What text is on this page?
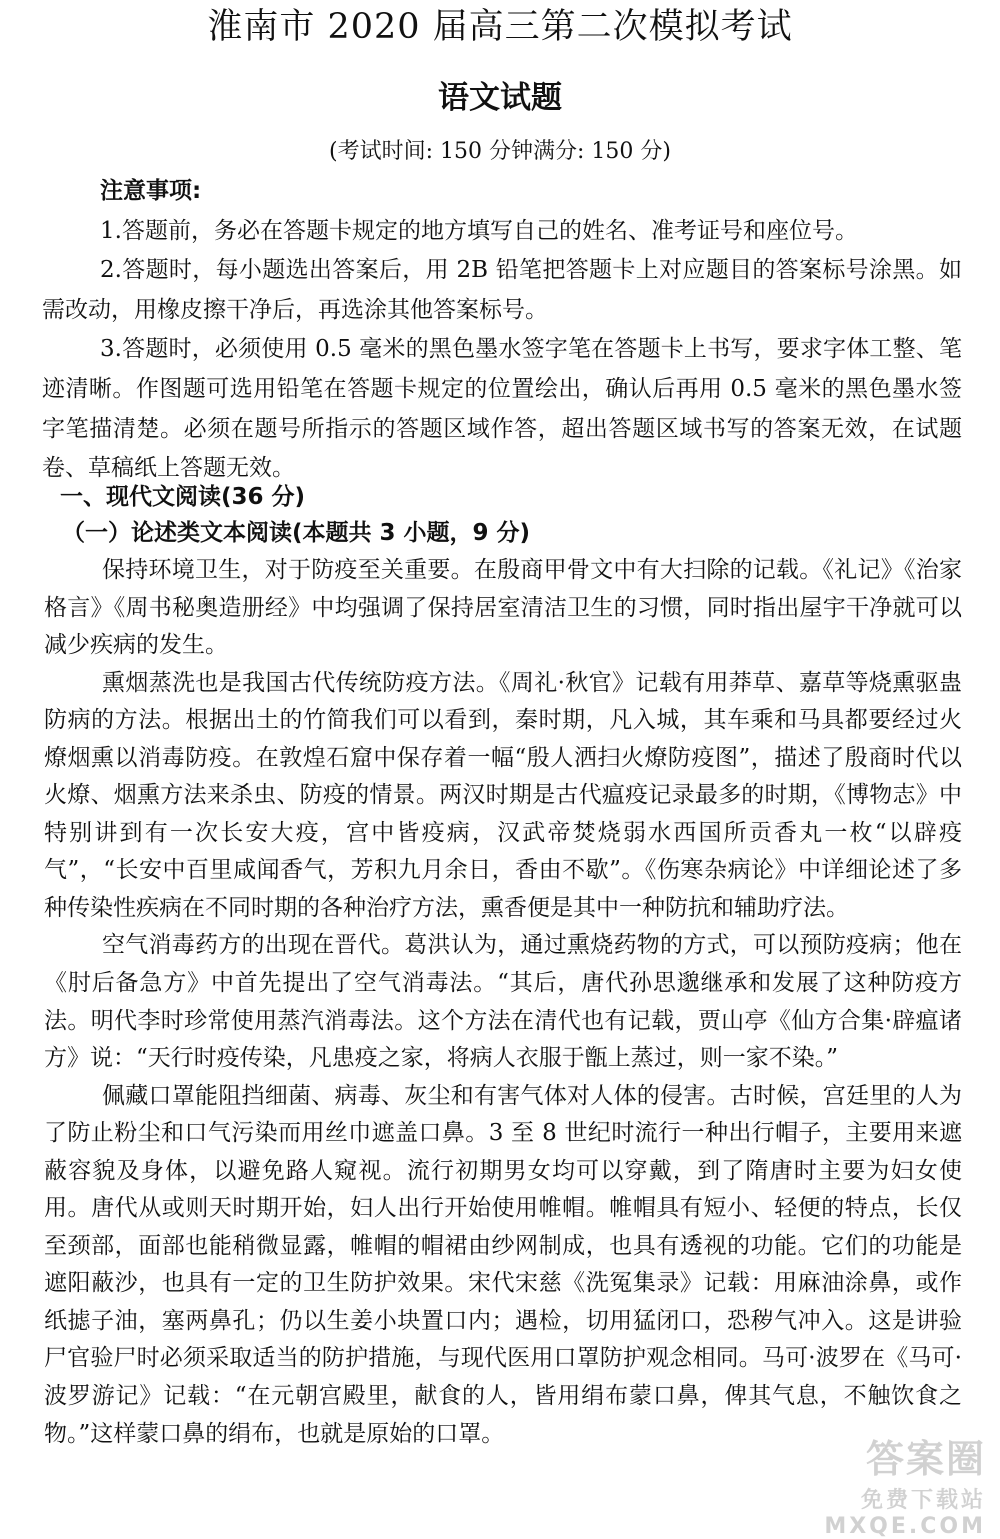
淮南市 2020 届高三第二次模拟考试
语文试题
(考试时间: 150 分钟满分: 150 分)
注意事项:

1.答题前，务必在答题卡规定的地方填写自己的姓名、准考证号和座位号。

2.答题时，每小题选出答案后，用 2B 铅笔把答题卡上对应题目的答案标号涂黑。如需改动，用橡皮擦干净后，再选涂其他答案标号。

3.答题时，必须使用 0.5 毫米的黑色墨水签字笔在答题卡上书写，要求字体工整、笔迹清晰。作图题可选用铅笔在答题卡规定的位置绘出，确认后再用 0.5 毫米的黑色墨水签字笔描清楚。必须在题号所指示的答题区域作答，超出答题区域书写的答案无效，在试题卷、草稿纸上答题无效。

一、现代文阅读(36 分)
（一）论述类文本阅读(本题共 3 小题，9 分)

保持环境卫生，对于防疫至关重要。在殷商甲骨文中有大扫除的记载。《礼记》《治家格言》《周书秘奥造册经》中均强调了保持居室清洁卫生的习惯，同时指出屋宇干净就可以减少疾病的发生。

熏烟蒸洗也是我国古代传统防疫方法。《周礼·秋官》记载有用莽草、嘉草等烧熏驱蛊防病的方法。根据出土的竹简我们可以看到，秦时期，凡入城，其车乘和马具都要经过火燎烟熏以消毒防疫。在敦煌石窟中保存着一幅“殷人洒扫火燎防疫图”，描述了殷商时代以火燎、烟熏方法来杀虫、防疫的情景。两汉时期是古代瘟疫记录最多的时期，《博物志》中特别讲到有一次长安大疫，宫中皆疫病，汉武帝焚烧弱水西国所贡香丸一枚“以辟疫气”，“长安中百里咸闻香气，芳积九月余日，香由不歇”。《伤寒杂病论》中详细论述了多种传染性疾病在不同时期的各种治疗方法，熏香便是其中一种防抗和辅助疗法。

空气消毒药方的出现在晋代。葛洪认为，通过熏烧药物的方式，可以预防疫病；他在《肘后备急方》中首先提出了空气消毒法。“其后，唐代孙思邈继承和发展了这种防疫方法。明代李时珍常使用蒸汽消毒法。这个方法在清代也有记载，贾山亭《仙方合集·辟瘟诸方》说：“天行时疫传染，凡患疫之家，将病人衣服于甑上蒸过，则一家不染。”

佩藏口罩能阻挡细菌、病毒、灰尘和有害气体对人体的侵害。古时候，宫廷里的人为了防止粉尘和口气污染而用丝巾遮盖口鼻。3 至 8 世纪时流行一种出行帽子，主要用来遮蔽容貌及身体，以避免路人窥视。流行初期男女均可以穿戴，到了隋唐时主要为妇女使用。唐代从或则天时期开始，妇人出行开始使用帷帽。帷帽具有短小、轻便的特点，长仅至颈部，面部也能稍微显露，帷帽的帽裙由纱网制成，也具有透视的功能。它们的功能是遮阳蔽沙，也具有一定的卫生防护效果。宋代宋慈《洗冤集录》记载：用麻油涂鼻，或作纸摅子油，塞两鼻孔；仍以生姜小块置口内；遇检，切用猛闭口，恐秽气冲入。这是讲验尸官验尸时必须采取适当的防护措施，与现代医用口罩防护观念相同。马可·波罗在《马可·波罗游记》记载：“在元朝宫殿里，献食的人，皆用绢布蒙口鼻，俾其气息，不触饮食之物。”这样蒙口鼻的绢布，也就是原始的口罩。

答案圈
免费下载站 MXQE.COM
